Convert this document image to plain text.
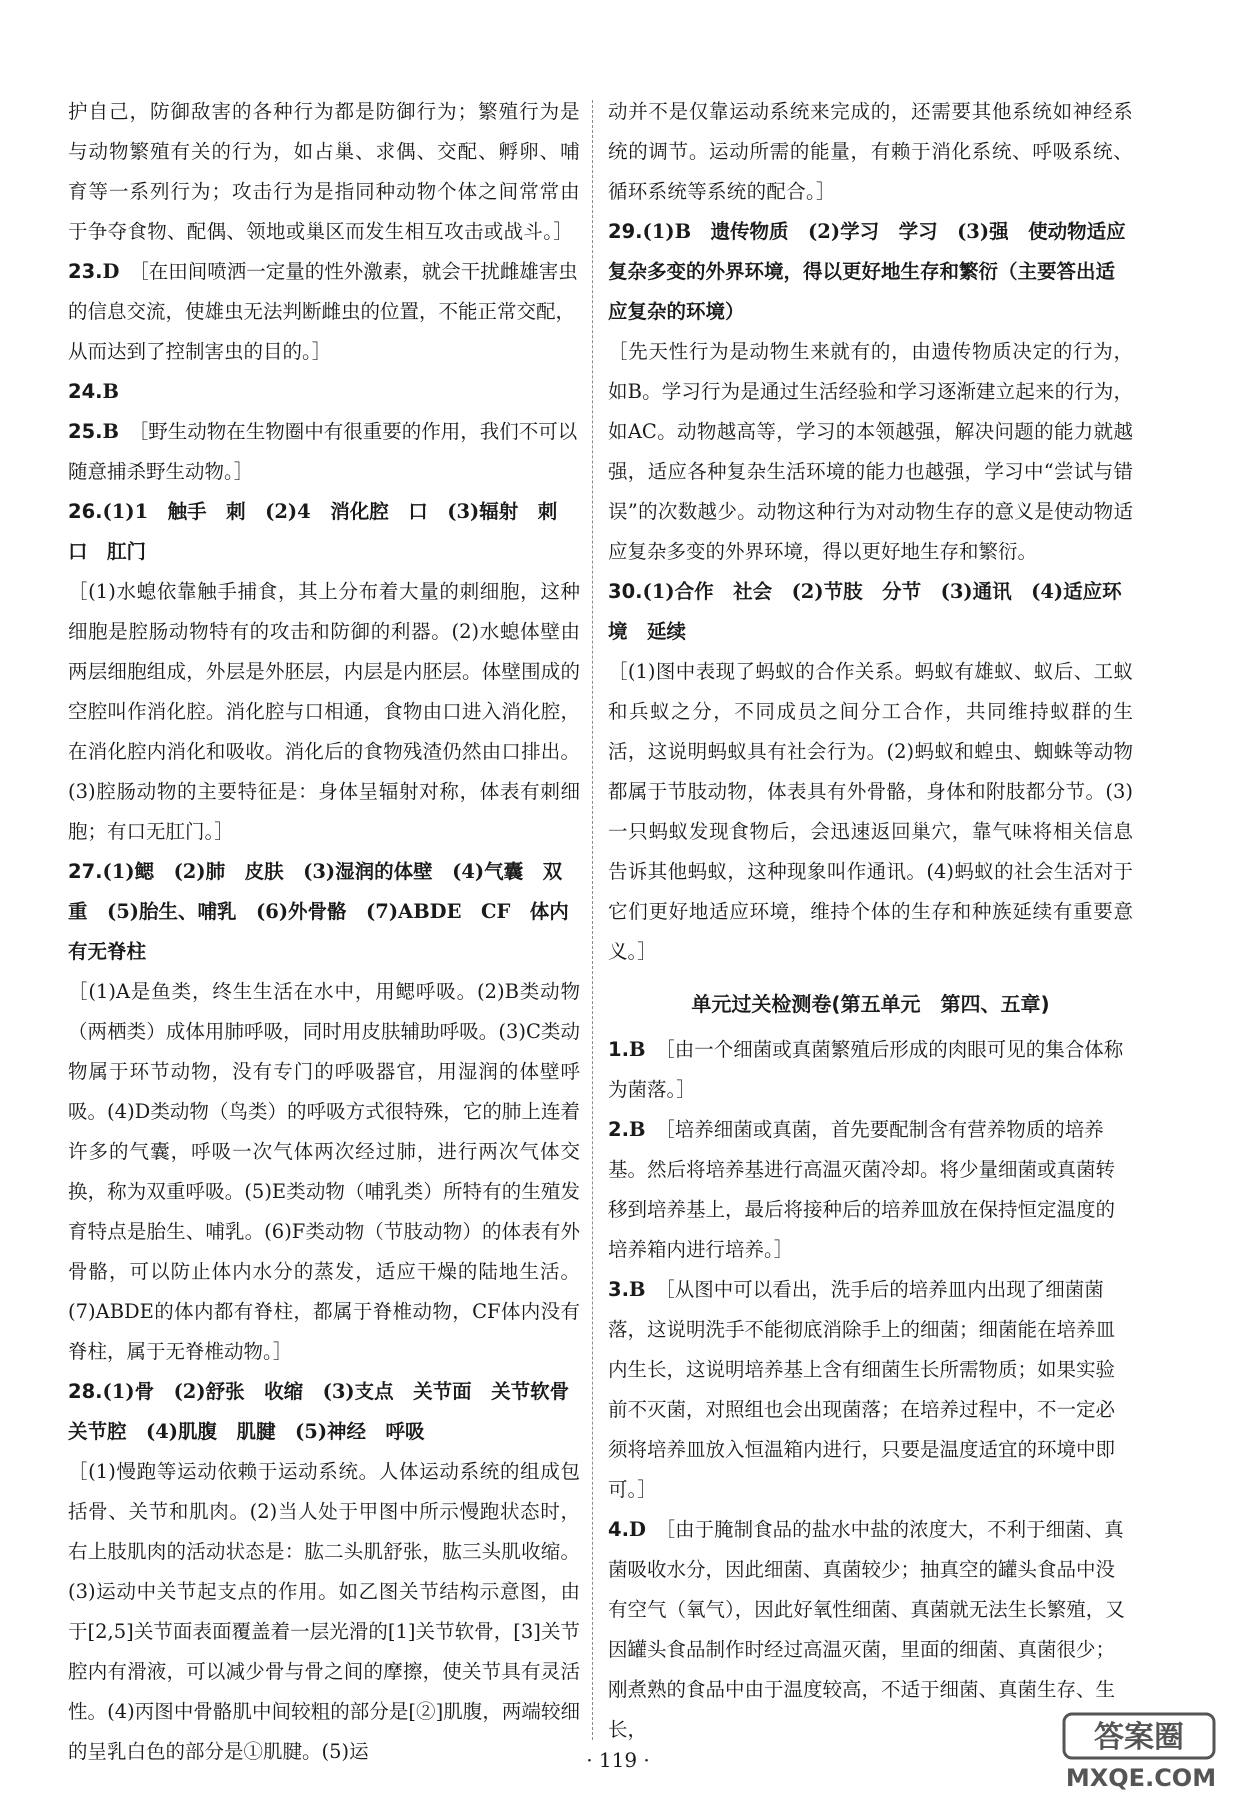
护自己，防御敌害的各种行为都是防御行为；繁殖行为是与动物繁殖有关的行为，如占巢、求偶、交配、孵卵、哺育等一系列行为；攻击行为是指同种动物个体之间常常由于争夺食物、配偶、领地或巢区而发生相互攻击或战斗。］

23.D  ［在田间喷洒一定量的性外激素，就会干扰雌雄害虫的信息交流，使雄虫无法判断雌虫的位置，不能正常交配，从而达到了控制害虫的目的。］

24.B 

25.B  ［野生动物在生物圈中有很重要的作用，我们不可以随意捕杀野生动物。］

26.(1)1　触手　刺　(2)4　消化腔　口　(3)辐射　刺　口　肛门 

［(1)水螅依靠触手捕食，其上分布着大量的刺细胞，这种细胞是腔肠动物特有的攻击和防御的利器。(2)水螅体壁由两层细胞组成，外层是外胚层，内层是内胚层。体壁围成的空腔叫作消化腔。消化腔与口相通，食物由口进入消化腔，在消化腔内消化和吸收。消化后的食物残渣仍然由口排出。(3)腔肠动物的主要特征是：身体呈辐射对称，体表有刺细胞；有口无肛门。］

27.(1)鳃　(2)肺　皮肤　(3)湿润的体壁　(4)气囊　双重　(5)胎生、哺乳　(6)外骨骼　(7)ABDE　CF　体内有无脊柱 

［(1)A是鱼类，终生生活在水中，用鳃呼吸。(2)B类动物（两栖类）成体用肺呼吸，同时用皮肤辅助呼吸。(3)C类动物属于环节动物，没有专门的呼吸器官，用湿润的体壁呼吸。(4)D类动物（鸟类）的呼吸方式很特殊，它的肺上连着许多的气囊，呼吸一次气体两次经过肺，进行两次气体交换，称为双重呼吸。(5)E类动物（哺乳类）所特有的生殖发育特点是胎生、哺乳。(6)F类动物（节肢动物）的体表有外骨骼，可以防止体内水分的蒸发，适应干燥的陆地生活。(7)ABDE的体内都有脊柱，都属于脊椎动物，CF体内没有脊柱，属于无脊椎动物。］

28.(1)骨　(2)舒张　收缩　(3)支点　关节面　关节软骨　关节腔　(4)肌腹　肌腱　(5)神经　呼吸 

［(1)慢跑等运动依赖于运动系统。人体运动系统的组成包括骨、关节和肌肉。(2)当人处于甲图中所示慢跑状态时，右上肢肌肉的活动状态是：肱二头肌舒张，肱三头肌收缩。(3)运动中关节起支点的作用。如乙图关节结构示意图，由于[2,5]关节面表面覆盖着一层光滑的[1]关节软骨，[3]关节腔内有滑液，可以减少骨与骨之间的摩擦，使关节具有灵活性。(4)丙图中骨骼肌中间较粗的部分是[②]肌腹，两端较细的呈乳白色的部分是①肌腱。(5)运

动并不是仅靠运动系统来完成的，还需要其他系统如神经系统的调节。运动所需的能量，有赖于消化系统、呼吸系统、循环系统等系统的配合。］

29.(1)B　遗传物质　(2)学习　学习　(3)强　使动物适应复杂多变的外界环境，得以更好地生存和繁衍（主要答出适应复杂的环境） 

［先天性行为是动物生来就有的，由遗传物质决定的行为，如B。学习行为是通过生活经验和学习逐渐建立起来的行为，如AC。动物越高等，学习的本领越强，解决问题的能力就越强，适应各种复杂生活环境的能力也越强，学习中“尝试与错误”的次数越少。动物这种行为对动物生存的意义是使动物适应复杂多变的外界环境，得以更好地生存和繁衍。

30.(1)合作　社会　(2)节肢　分节　(3)通讯　(4)适应环境　延续 

［(1)图中表现了蚂蚁的合作关系。蚂蚁有雄蚁、蚁后、工蚁和兵蚁之分，不同成员之间分工合作，共同维持蚁群的生活，这说明蚂蚁具有社会行为。(2)蚂蚁和蝗虫、蜘蛛等动物都属于节肢动物，体表具有外骨骼，身体和附肢都分节。(3)一只蚂蚁发现食物后，会迅速返回巢穴，靠气味将相关信息告诉其他蚂蚁，这种现象叫作通讯。(4)蚂蚁的社会生活对于它们更好地适应环境，维持个体的生存和种族延续有重要意义。］

单元过关检测卷(第五单元　第四、五章)

1.B  ［由一个细菌或真菌繁殖后形成的肉眼可见的集合体称为菌落。］

2.B  ［培养细菌或真菌，首先要配制含有营养物质的培养基。然后将培养基进行高温灭菌冷却。将少量细菌或真菌转移到培养基上，最后将接种后的培养皿放在保持恒定温度的培养箱内进行培养。］

3.B  ［从图中可以看出，洗手后的培养皿内出现了细菌菌落，这说明洗手不能彻底消除手上的细菌；细菌能在培养皿内生长，这说明培养基上含有细菌生长所需物质；如果实验前不灭菌，对照组也会出现菌落；在培养过程中，不一定必须将培养皿放入恒温箱内进行，只要是温度适宜的环境中即可。］

4.D  ［由于腌制食品的盐水中盐的浓度大，不利于细菌、真菌吸收水分，因此细菌、真菌较少；抽真空的罐头食品中没有空气（氧气），因此好氧性细菌、真菌就无法生长繁殖，又因罐头食品制作时经过高温灭菌，里面的细菌、真菌很少；刚煮熟的食品中由于温度较高，不适于细菌、真菌生存、生长，

· 119 ·
答案圈
MXQE.COM
